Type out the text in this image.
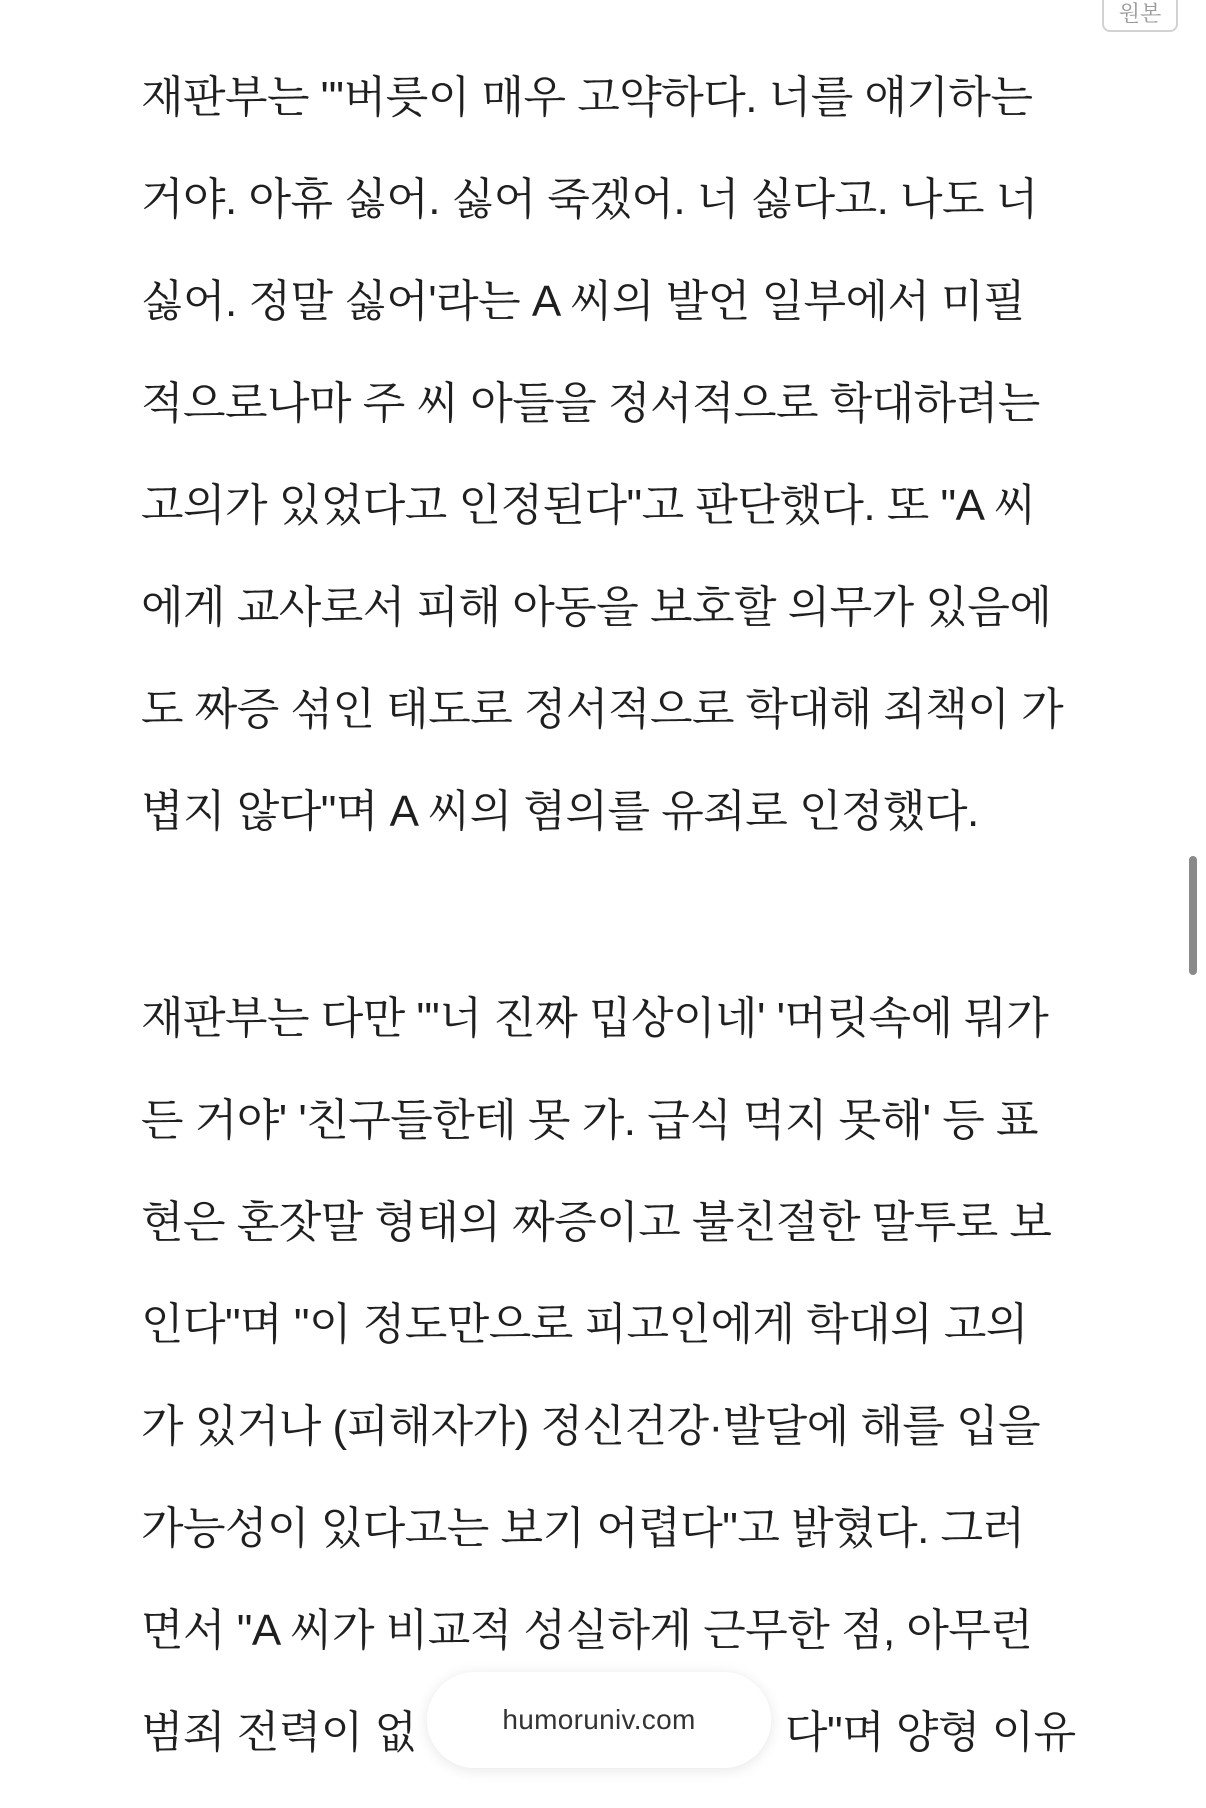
원본
재판부는 "'버릇이 매우 고약하다. 너를 얘기하는
거야. 아휴 싫어. 싫어 죽겠어. 너 싫다고. 나도 너
싫어. 정말 싫어'라는 A 씨의 발언 일부에서 미필
적으로나마 주 씨 아들을 정서적으로 학대하려는
고의가 있었다고 인정된다"고 판단했다. 또 "A 씨
에게 교사로서 피해 아동을 보호할 의무가 있음에
도 짜증 섞인 태도로 정서적으로 학대해 죄책이 가
볍지 않다"며 A 씨의 혐의를 유죄로 인정했다.
재판부는 다만 "'너 진짜 밉상이네' '머릿속에 뭐가
든 거야' '친구들한테 못 가. 급식 먹지 못해' 등 표
현은 혼잣말 형태의 짜증이고 불친절한 말투로 보
인다"며 "이 정도만으로 피고인에게 학대의 고의
가 있거나 (피해자가) 정신건강·발달에 해를 입을
가능성이 있다고는 보기 어렵다"고 밝혔다. 그러
면서 "A 씨가 비교적 성실하게 근무한 점, 아무런
범죄 전력이 없	다"며 양형 이유
humoruniv.com
